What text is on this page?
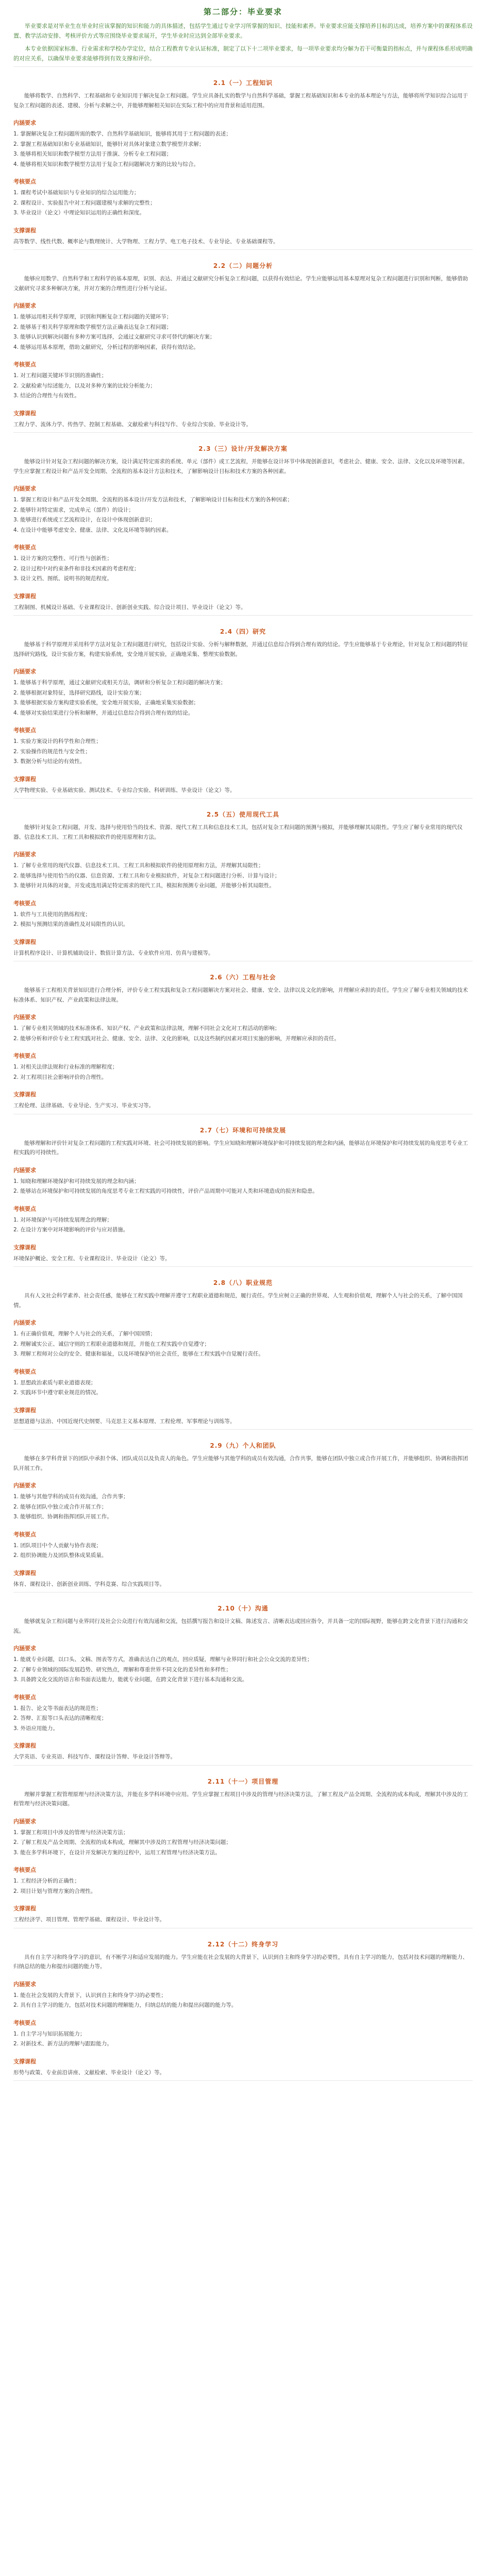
第二部分：毕业要求

毕业要求是对毕业生在毕业时应该掌握的知识和能力的具体描述，包括学生通过专业学习所掌握的知识、技能和素养。毕业要求应能支撑培养目标的达成，培养方案中的课程体系设置、教学活动安排、考核评价方式等应围绕毕业要求展开，学生毕业时应达到全部毕业要求。

本专业依据国家标准、行业需求和学校办学定位，结合工程教育专业认证标准，制定了以下十二项毕业要求，每一项毕业要求均分解为若干可衡量的指标点，并与课程体系形成明确的对应关系，以确保毕业要求能够得到有效支撑和评价。

2.1（一）工程知识

能够将数学、自然科学、工程基础和专业知识用于解决复杂工程问题。学生应具备扎实的数学与自然科学基础，掌握工程基础知识和本专业的基本理论与方法，能够将所学知识综合运用于复杂工程问题的表述、建模、分析与求解之中，并能够理解相关知识在实际工程中的应用背景和适用范围。

内涵要求
1. 掌握解决复杂工程问题所需的数学、自然科学基础知识，能够将其用于工程问题的表述；
2. 掌握工程基础知识和专业基础知识，能够针对具体对象建立数学模型并求解；
3. 能够将相关知识和数学模型方法用于推演、分析专业工程问题；
4. 能够将相关知识和数学模型方法用于复杂工程问题解决方案的比较与综合。
考核要点
1. 课程考试中基础知识与专业知识的综合运用能力；
2. 课程设计、实验报告中对工程问题建模与求解的完整性；
3. 毕业设计（论文）中理论知识运用的正确性和深度。
支撑课程
高等数学、线性代数、概率论与数理统计、大学物理、工程力学、电工电子技术、专业导论、专业基础课程等。
2.2（二）问题分析

能够应用数学、自然科学和工程科学的基本原理，识别、表达、并通过文献研究分析复杂工程问题，以获得有效结论。学生应能够运用基本原理对复杂工程问题进行识别和判断，能够借助文献研究寻求多种解决方案，并对方案的合理性进行分析与论证。

内涵要求
1. 能够运用相关科学原理，识别和判断复杂工程问题的关键环节；
2. 能够基于相关科学原理和数学模型方法正确表达复杂工程问题；
3. 能够认识到解决问题有多种方案可选择，会通过文献研究寻求可替代的解决方案；
4. 能够运用基本原理，借助文献研究，分析过程的影响因素，获得有效结论。
考核要点
1. 对工程问题关键环节识别的准确性；
2. 文献检索与综述能力，以及对多种方案的比较分析能力；
3. 结论的合理性与有效性。
支撑课程
工程力学、流体力学、传热学、控制工程基础、文献检索与科技写作、专业综合实验、毕业设计等。
2.3（三）设计/开发解决方案

能够设计针对复杂工程问题的解决方案，设计满足特定需求的系统、单元（部件）或工艺流程，并能够在设计环节中体现创新意识，考虑社会、健康、安全、法律、文化以及环境等因素。学生应掌握工程设计和产品开发全周期、全流程的基本设计方法和技术，了解影响设计目标和技术方案的各种因素。

内涵要求
1. 掌握工程设计和产品开发全周期、全流程的基本设计/开发方法和技术，了解影响设计目标和技术方案的各种因素；
2. 能够针对特定需求，完成单元（部件）的设计；
3. 能够进行系统或工艺流程设计，在设计中体现创新意识；
4. 在设计中能够考虑安全、健康、法律、文化及环境等制约因素。
考核要点
1. 设计方案的完整性、可行性与创新性；
2. 设计过程中对约束条件和非技术因素的考虑程度；
3. 设计文档、图纸、说明书的规范程度。
支撑课程
工程制图、机械设计基础、专业课程设计、创新创业实践、综合设计项目、毕业设计（论文）等。
2.4（四）研究

能够基于科学原理并采用科学方法对复杂工程问题进行研究，包括设计实验、分析与解释数据，并通过信息综合得到合理有效的结论。学生应能够基于专业理论，针对复杂工程问题的特征选择研究路线，设计实验方案，构建实验系统，安全地开展实验，正确地采集、整理实验数据。

内涵要求
1. 能够基于科学原理，通过文献研究或相关方法，调研和分析复杂工程问题的解决方案；
2. 能够根据对象特征，选择研究路线，设计实验方案；
3. 能够根据实验方案构建实验系统，安全地开展实验，正确地采集实验数据；
4. 能够对实验结果进行分析和解释，并通过信息综合得到合理有效的结论。
考核要点
1. 实验方案设计的科学性和合理性；
2. 实验操作的规范性与安全性；
3. 数据分析与结论的有效性。
支撑课程
大学物理实验、专业基础实验、测试技术、专业综合实验、科研训练、毕业设计（论文）等。
2.5（五）使用现代工具

能够针对复杂工程问题，开发、选择与使用恰当的技术、资源、现代工程工具和信息技术工具，包括对复杂工程问题的预测与模拟，并能够理解其局限性。学生应了解专业常用的现代仪器、信息技术工具、工程工具和模拟软件的使用原理和方法。

内涵要求
1. 了解专业常用的现代仪器、信息技术工具、工程工具和模拟软件的使用原理和方法，并理解其局限性；
2. 能够选择与使用恰当的仪器、信息资源、工程工具和专业模拟软件，对复杂工程问题进行分析、计算与设计；
3. 能够针对具体的对象，开发或选用满足特定需求的现代工具，模拟和预测专业问题，并能够分析其局限性。
考核要点
1. 软件与工具使用的熟练程度；
2. 模拟与预测结果的准确性及对局限性的认识。
支撑课程
计算机程序设计、计算机辅助设计、数值计算方法、专业软件应用、仿真与建模等。
2.6（六）工程与社会

能够基于工程相关背景知识进行合理分析，评价专业工程实践和复杂工程问题解决方案对社会、健康、安全、法律以及文化的影响，并理解应承担的责任。学生应了解专业相关领域的技术标准体系、知识产权、产业政策和法律法规。

内涵要求
1. 了解专业相关领域的技术标准体系、知识产权、产业政策和法律法规，理解不同社会文化对工程活动的影响；
2. 能够分析和评价专业工程实践对社会、健康、安全、法律、文化的影响，以及这些制约因素对项目实施的影响，并理解应承担的责任。
考核要点
1. 对相关法律法规和行业标准的理解程度；
2. 对工程项目社会影响评价的合理性。
支撑课程
工程伦理、法律基础、专业导论、生产实习、毕业实习等。
2.7（七）环境和可持续发展

能够理解和评价针对复杂工程问题的工程实践对环境、社会可持续发展的影响。学生应知晓和理解环境保护和可持续发展的理念和内涵，能够站在环境保护和可持续发展的角度思考专业工程实践的可持续性。

内涵要求
1. 知晓和理解环境保护和可持续发展的理念和内涵；
2. 能够站在环境保护和可持续发展的角度思考专业工程实践的可持续性，评价产品周期中可能对人类和环境造成的损害和隐患。
考核要点
1. 对环境保护与可持续发展理念的理解；
2. 在设计方案中对环境影响的评价与应对措施。
支撑课程
环境保护概论、安全工程、专业课程设计、毕业设计（论文）等。
2.8（八）职业规范

具有人文社会科学素养、社会责任感，能够在工程实践中理解并遵守工程职业道德和规范，履行责任。学生应树立正确的世界观、人生观和价值观，理解个人与社会的关系，了解中国国情。

内涵要求
1. 有正确价值观，理解个人与社会的关系，了解中国国情；
2. 理解诚实公正、诚信守则的工程职业道德和规范，并能在工程实践中自觉遵守；
3. 理解工程师对公众的安全、健康和福祉，以及环境保护的社会责任，能够在工程实践中自觉履行责任。
考核要点
1. 思想政治素质与职业道德表现；
2. 实践环节中遵守职业规范的情况。
支撑课程
思想道德与法治、中国近现代史纲要、马克思主义基本原理、工程伦理、军事理论与训练等。
2.9（九）个人和团队

能够在多学科背景下的团队中承担个体、团队成员以及负责人的角色。学生应能够与其他学科的成员有效沟通，合作共事，能够在团队中独立或合作开展工作，并能够组织、协调和指挥团队开展工作。

内涵要求
1. 能够与其他学科的成员有效沟通，合作共事；
2. 能够在团队中独立或合作开展工作；
3. 能够组织、协调和指挥团队开展工作。
考核要点
1. 团队项目中个人贡献与协作表现；
2. 组织协调能力及团队整体成果质量。
支撑课程
体育、课程设计、创新创业训练、学科竞赛、综合实践项目等。
2.10（十）沟通

能够就复杂工程问题与业界同行及社会公众进行有效沟通和交流，包括撰写报告和设计文稿、陈述发言、清晰表达或回应指令，并具备一定的国际视野，能够在跨文化背景下进行沟通和交流。

内涵要求
1. 能就专业问题，以口头、文稿、图表等方式，准确表达自己的观点，回应质疑，理解与业界同行和社会公众交流的差异性；
2. 了解专业领域的国际发展趋势、研究热点，理解和尊重世界不同文化的差异性和多样性；
3. 具备跨文化交流的语言和书面表达能力，能就专业问题，在跨文化背景下进行基本沟通和交流。
考核要点
1. 报告、论文等书面表达的规范性；
2. 答辩、汇报等口头表达的清晰程度；
3. 外语应用能力。
支撑课程
大学英语、专业英语、科技写作、课程设计答辩、毕业设计答辩等。
2.11（十一）项目管理

理解并掌握工程管理原理与经济决策方法，并能在多学科环境中应用。学生应掌握工程项目中涉及的管理与经济决策方法，了解工程及产品全周期、全流程的成本构成，理解其中涉及的工程管理与经济决策问题。

内涵要求
1. 掌握工程项目中涉及的管理与经济决策方法；
2. 了解工程及产品全周期、全流程的成本构成，理解其中涉及的工程管理与经济决策问题；
3. 能在多学科环境下，在设计开发解决方案的过程中，运用工程管理与经济决策方法。
考核要点
1. 工程经济分析的正确性；
2. 项目计划与管理方案的合理性。
支撑课程
工程经济学、项目管理、管理学基础、课程设计、毕业设计等。
2.12（十二）终身学习

具有自主学习和终身学习的意识，有不断学习和适应发展的能力。学生应能在社会发展的大背景下，认识到自主和终身学习的必要性，具有自主学习的能力，包括对技术问题的理解能力、归纳总结的能力和提出问题的能力等。

内涵要求
1. 能在社会发展的大背景下，认识到自主和终身学习的必要性；
2. 具有自主学习的能力，包括对技术问题的理解能力，归纳总结的能力和提出问题的能力等。
考核要点
1. 自主学习与知识拓展能力；
2. 对新技术、新方法的理解与跟踪能力。
支撑课程
形势与政策、专业前沿讲座、文献检索、毕业设计（论文）等。
